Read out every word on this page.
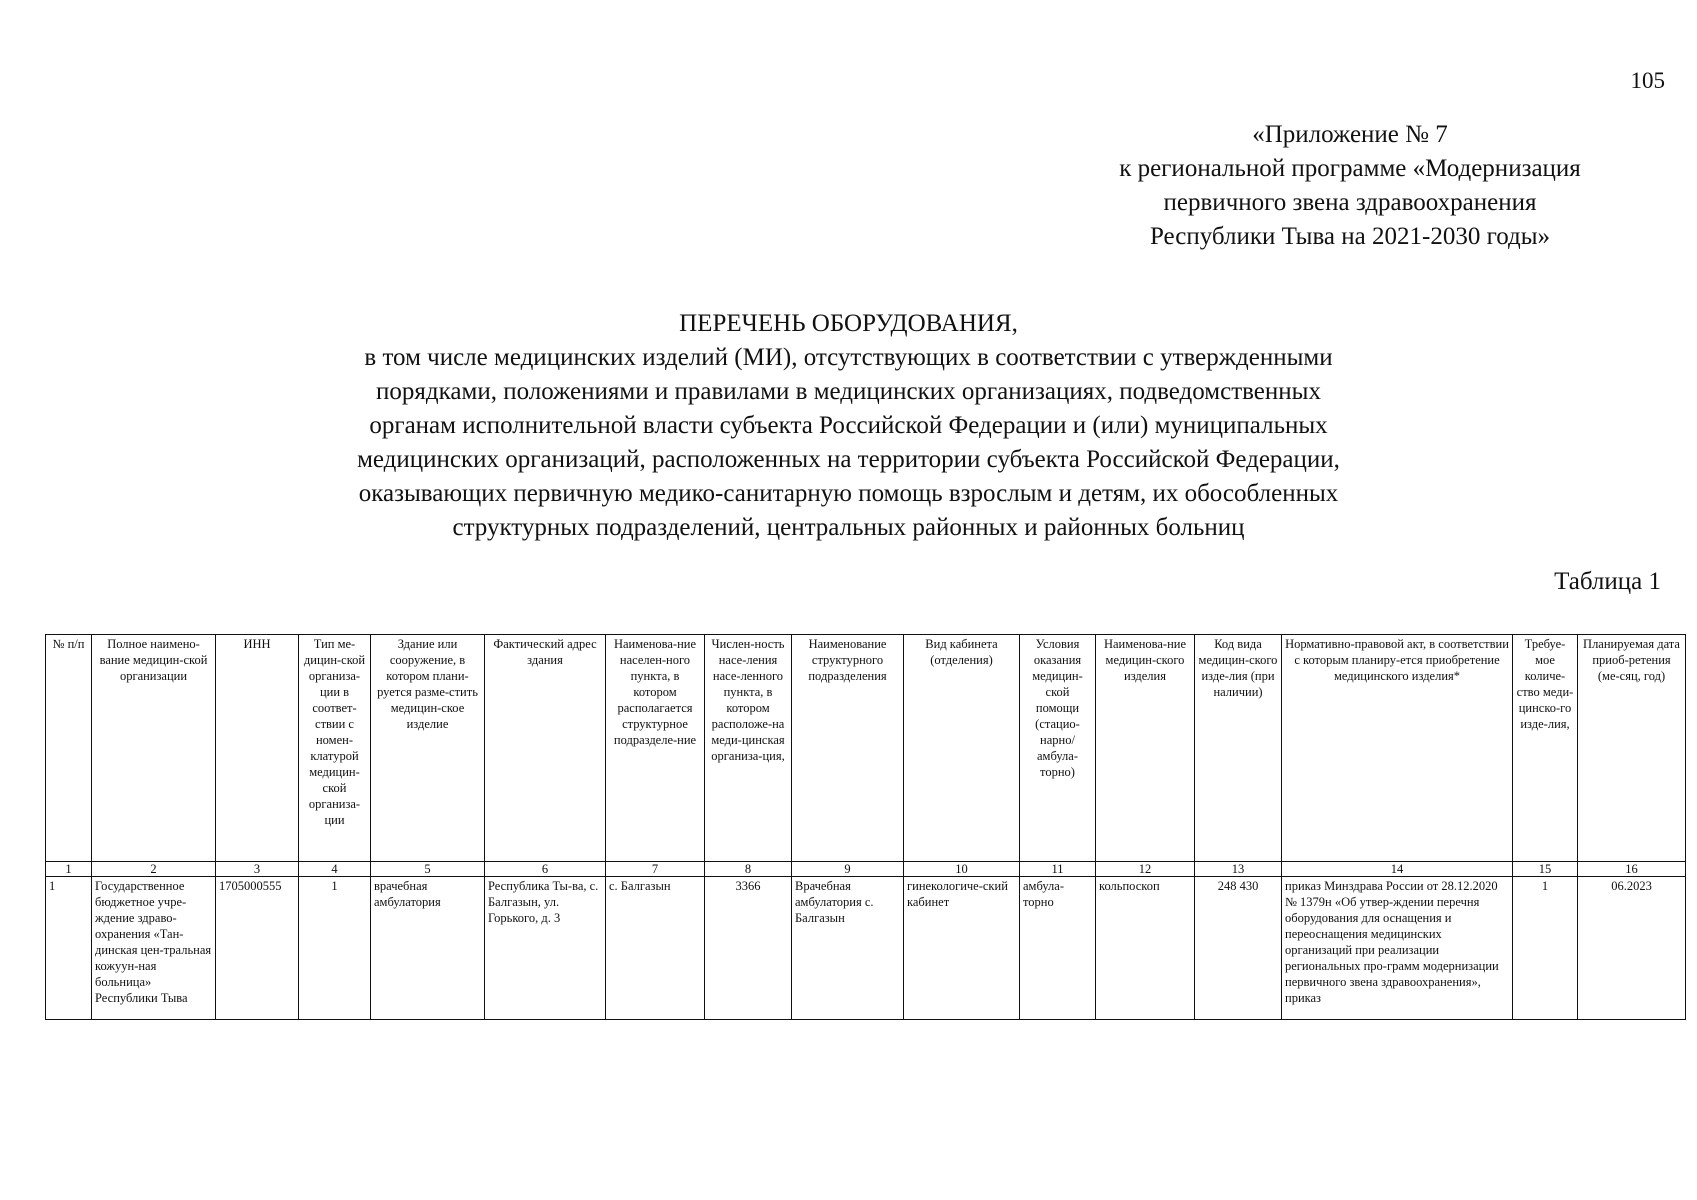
105
«Приложение № 7
к региональной программе «Модернизация
первичного звена здравоохранения
Республики Тыва на 2021-2030 годы»
ПЕРЕЧЕНЬ ОБОРУДОВАНИЯ,
в том числе медицинских изделий (МИ), отсутствующих в соответствии с утвержденными
порядками, положениями и правилами в медицинских организациях, подведомственных
органам исполнительной власти субъекта Российской Федерации и (или) муниципальных
медицинских организаций, расположенных на территории субъекта Российской Федерации,
оказывающих первичную медико-санитарную помощь взрослым и детям, их обособленных
структурных подразделений, центральных районных и районных больниц
Таблица 1
№ п/п	Полное наимено-вание медицин-ской организации	ИНН	Тип ме-дицин-ской организа-ции в соответ-ствии с номен-клатурой медицин-ской организа-ции	Здание или сооружение, в котором плани-руется разме-стить медицин-ское изделие	Фактический адрес здания	Наименова-ние населен-ного пункта, в котором располагается структурное подразделе-ние	Числен-ность насе-ления насе-ленного пункта, в котором расположе-на меди-цинская организа-ция,	Наименование структурного подразделения	Вид кабинета (отделения)	Условия оказания медицин-ской помощи (стацио-нарно/ амбула-торно)	Наименова-ние медицин-ского изделия	Код вида медицин-ского изде-лия (при наличии)	Нормативно-правовой акт, в соответствии с которым планиру-ется приобретение медицинского изделия*	Требуе-мое количе-ство меди-цинско-го изде-лия,	Планируемая дата приоб-ретения (ме-сяц, год)
1	2	3	4	5	6	7	8	9	10	11	12	13	14	15	16
1	Государственное бюджетное учре-ждение здраво-охранения «Тан-динская цен-тральная кожуун-ная больница» Республики Тыва	1705000555	1	врачебная амбулатория	Республика Ты-ва, с. Балгазын, ул. Горького, д. 3	с. Балгазын	3366	Врачебная амбулатория с. Балгазын	гинекологиче-ский кабинет	амбула-торно	кольпоскоп	248 430	приказ Минздрава России от 28.12.2020 № 1379н «Об утвер-ждении перечня оборудования для оснащения и переоснащения медицинских организаций при реализации региональных про-грамм модернизации первичного звена здравоохранения», приказ	1	06.2023
